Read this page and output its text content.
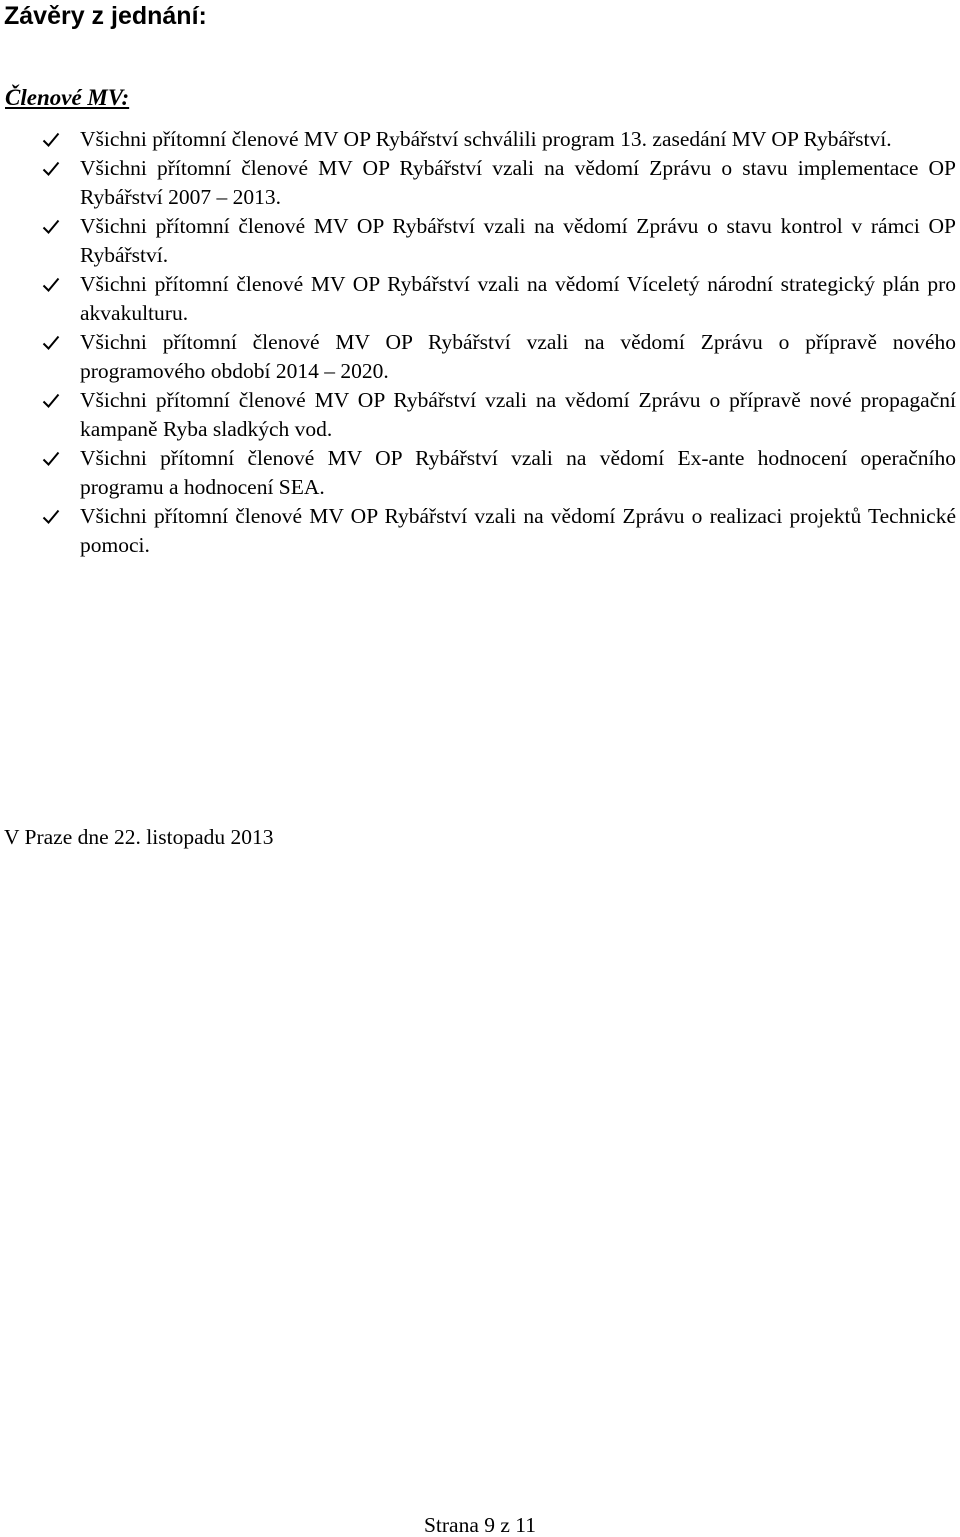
Závěry z jednání:
Členové MV:
Všichni přítomní členové MV OP Rybářství schválili program 13. zasedání MV OP Rybářství.
Všichni přítomní členové MV OP Rybářství vzali na vědomí Zprávu o stavu implementace OP Rybářství 2007 – 2013.
Všichni přítomní členové MV OP Rybářství vzali na vědomí Zprávu o stavu kontrol v rámci OP Rybářství.
Všichni přítomní členové MV OP Rybářství vzali na vědomí Víceletý národní strategický plán pro akvakulturu.
Všichni přítomní členové MV OP Rybářství vzali na vědomí Zprávu o přípravě nového programového období 2014 – 2020.
Všichni přítomní členové MV OP Rybářství vzali na vědomí Zprávu o přípravě nové propagační kampaně Ryba sladkých vod.
Všichni přítomní členové MV OP Rybářství vzali na vědomí Ex-ante hodnocení operačního programu a hodnocení SEA.
Všichni přítomní členové MV OP Rybářství vzali na vědomí Zprávu o realizaci projektů Technické pomoci.

V Praze dne 22. listopadu 2013

Strana 9 z 11
